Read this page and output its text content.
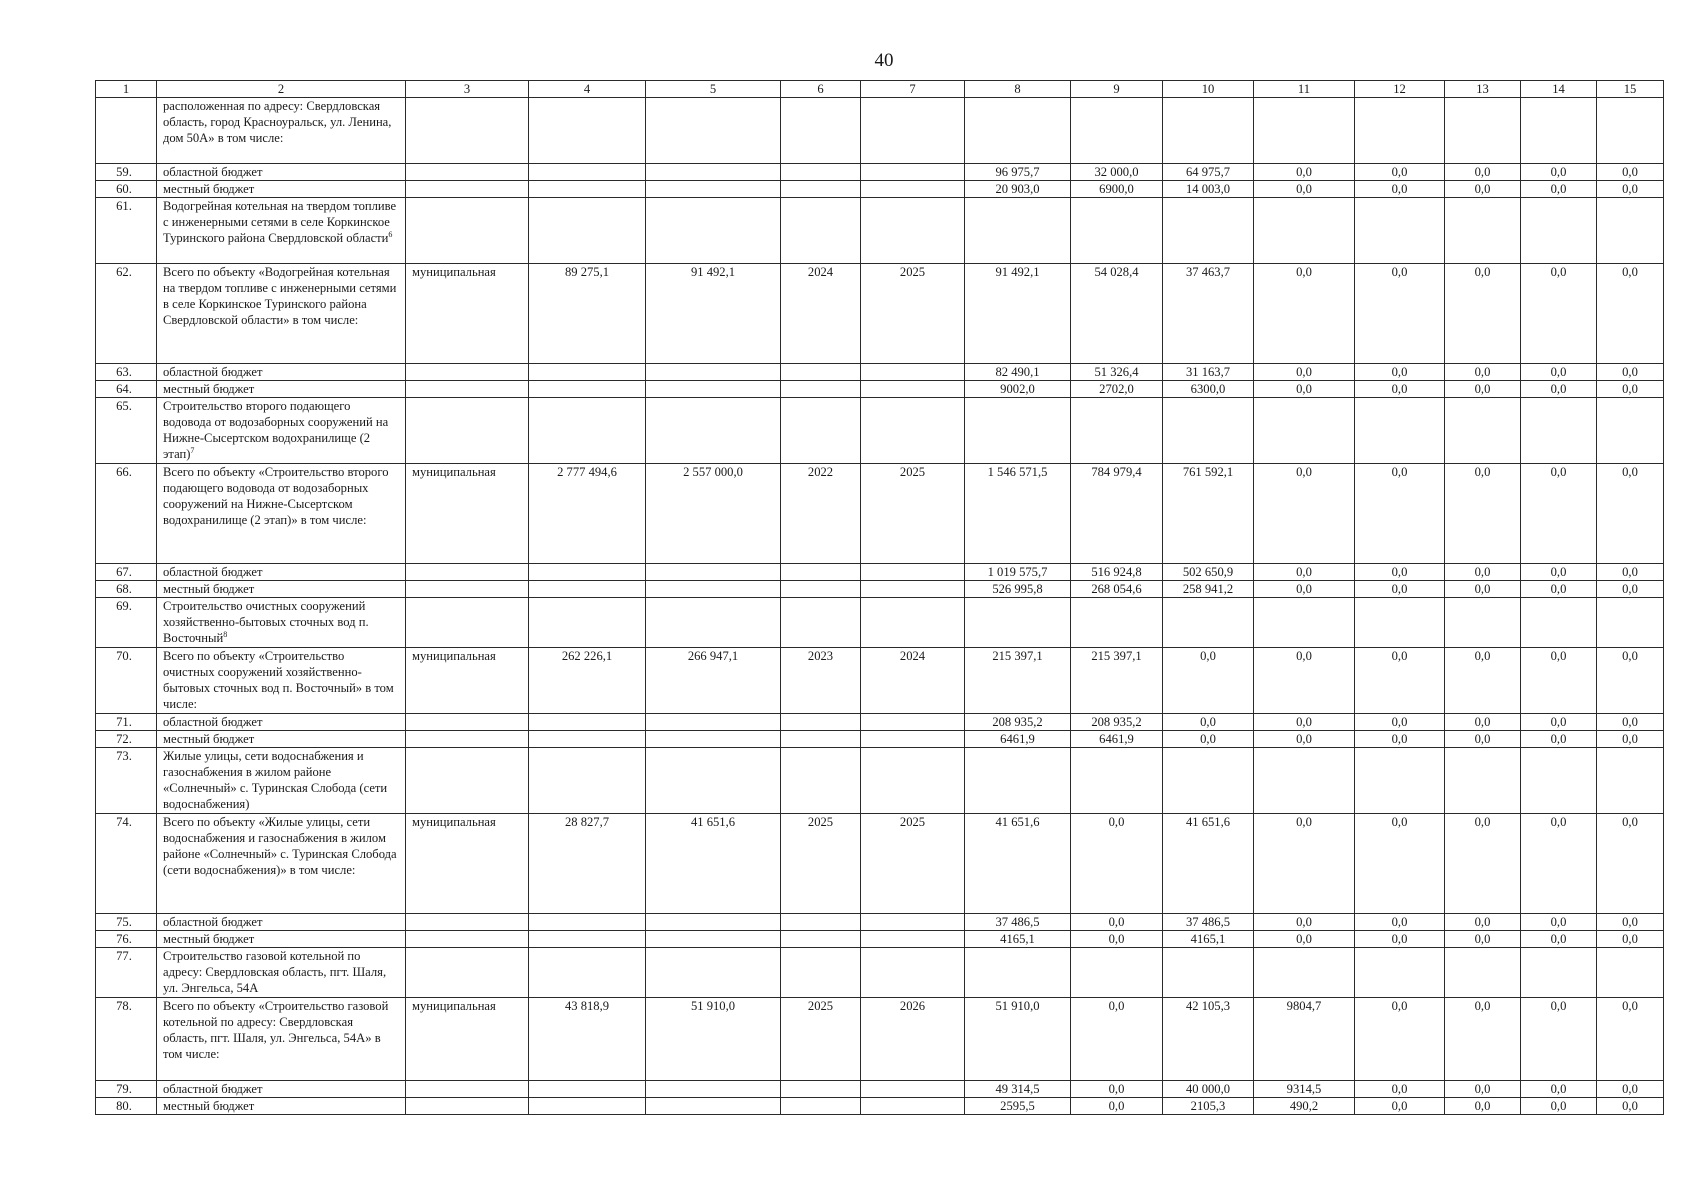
40
1	2	3	4	5	6	7	8	9	10	11	12	13	14	15
	расположенная по адресу: Свердловская область, город Красноуральск, ул. Ленина, дом 50А» в том числе:													
59.	областной бюджет						96 975,7	32 000,0	64 975,7	0,0	0,0	0,0	0,0	0,0
60.	местный бюджет						20 903,0	6900,0	14 003,0	0,0	0,0	0,0	0,0	0,0
61.	Водогрейная котельная на твердом топливе с инженерными сетями в селе Коркинское Туринского района Свердловской области$^6$													
62.	Всего по объекту «Водогрейная котельная на твердом топливе с инженерными сетями в селе Коркинское Туринского района Свердловской области» в том числе:	муниципальная	89 275,1	91 492,1	2024	2025	91 492,1	54 028,4	37 463,7	0,0	0,0	0,0	0,0	0,0
63.	областной бюджет						82 490,1	51 326,4	31 163,7	0,0	0,0	0,0	0,0	0,0
64.	местный бюджет						9002,0	2702,0	6300,0	0,0	0,0	0,0	0,0	0,0
65.	Строительство второго подающего водовода от водозаборных сооружений на Нижне-Сысертском водохранилище (2 этап)$^7$													
66.	Всего по объекту «Строительство второго подающего водовода от водозаборных сооружений на Нижне-Сысертском водохранилище (2 этап)» в том числе:	муниципальная	2 777 494,6	2 557 000,0	2022	2025	1 546 571,5	784 979,4	761 592,1	0,0	0,0	0,0	0,0	0,0
67.	областной бюджет						1 019 575,7	516 924,8	502 650,9	0,0	0,0	0,0	0,0	0,0
68.	местный бюджет						526 995,8	268 054,6	258 941,2	0,0	0,0	0,0	0,0	0,0
69.	Строительство очистных сооружений хозяйственно-бытовых сточных вод п. Восточный$^8$													
70.	Всего по объекту «Строительство очистных сооружений хозяйственно-бытовых сточных вод п. Восточный» в том числе:	муниципальная	262 226,1	266 947,1	2023	2024	215 397,1	215 397,1	0,0	0,0	0,0	0,0	0,0	0,0
71.	областной бюджет						208 935,2	208 935,2	0,0	0,0	0,0	0,0	0,0	0,0
72.	местный бюджет						6461,9	6461,9	0,0	0,0	0,0	0,0	0,0	0,0
73.	Жилые улицы, сети водоснабжения и газоснабжения в жилом районе «Солнечный» с. Туринская Слобода (сети водоснабжения)													
74.	Всего по объекту «Жилые улицы, сети водоснабжения и газоснабжения в жилом районе «Солнечный» с. Туринская Слобода (сети водоснабжения)» в том числе:	муниципальная	28 827,7	41 651,6	2025	2025	41 651,6	0,0	41 651,6	0,0	0,0	0,0	0,0	0,0
75.	областной бюджет						37 486,5	0,0	37 486,5	0,0	0,0	0,0	0,0	0,0
76.	местный бюджет						4165,1	0,0	4165,1	0,0	0,0	0,0	0,0	0,0
77.	Строительство газовой котельной по адресу: Свердловская область, пгт. Шаля, ул. Энгельса, 54А													
78.	Всего по объекту «Строительство газовой котельной по адресу: Свердловская область, пгт. Шаля, ул. Энгельса, 54А» в том числе:	муниципальная	43 818,9	51 910,0	2025	2026	51 910,0	0,0	42 105,3	9804,7	0,0	0,0	0,0	0,0
79.	областной бюджет						49 314,5	0,0	40 000,0	9314,5	0,0	0,0	0,0	0,0
80.	местный бюджет						2595,5	0,0	2105,3	490,2	0,0	0,0	0,0	0,0
